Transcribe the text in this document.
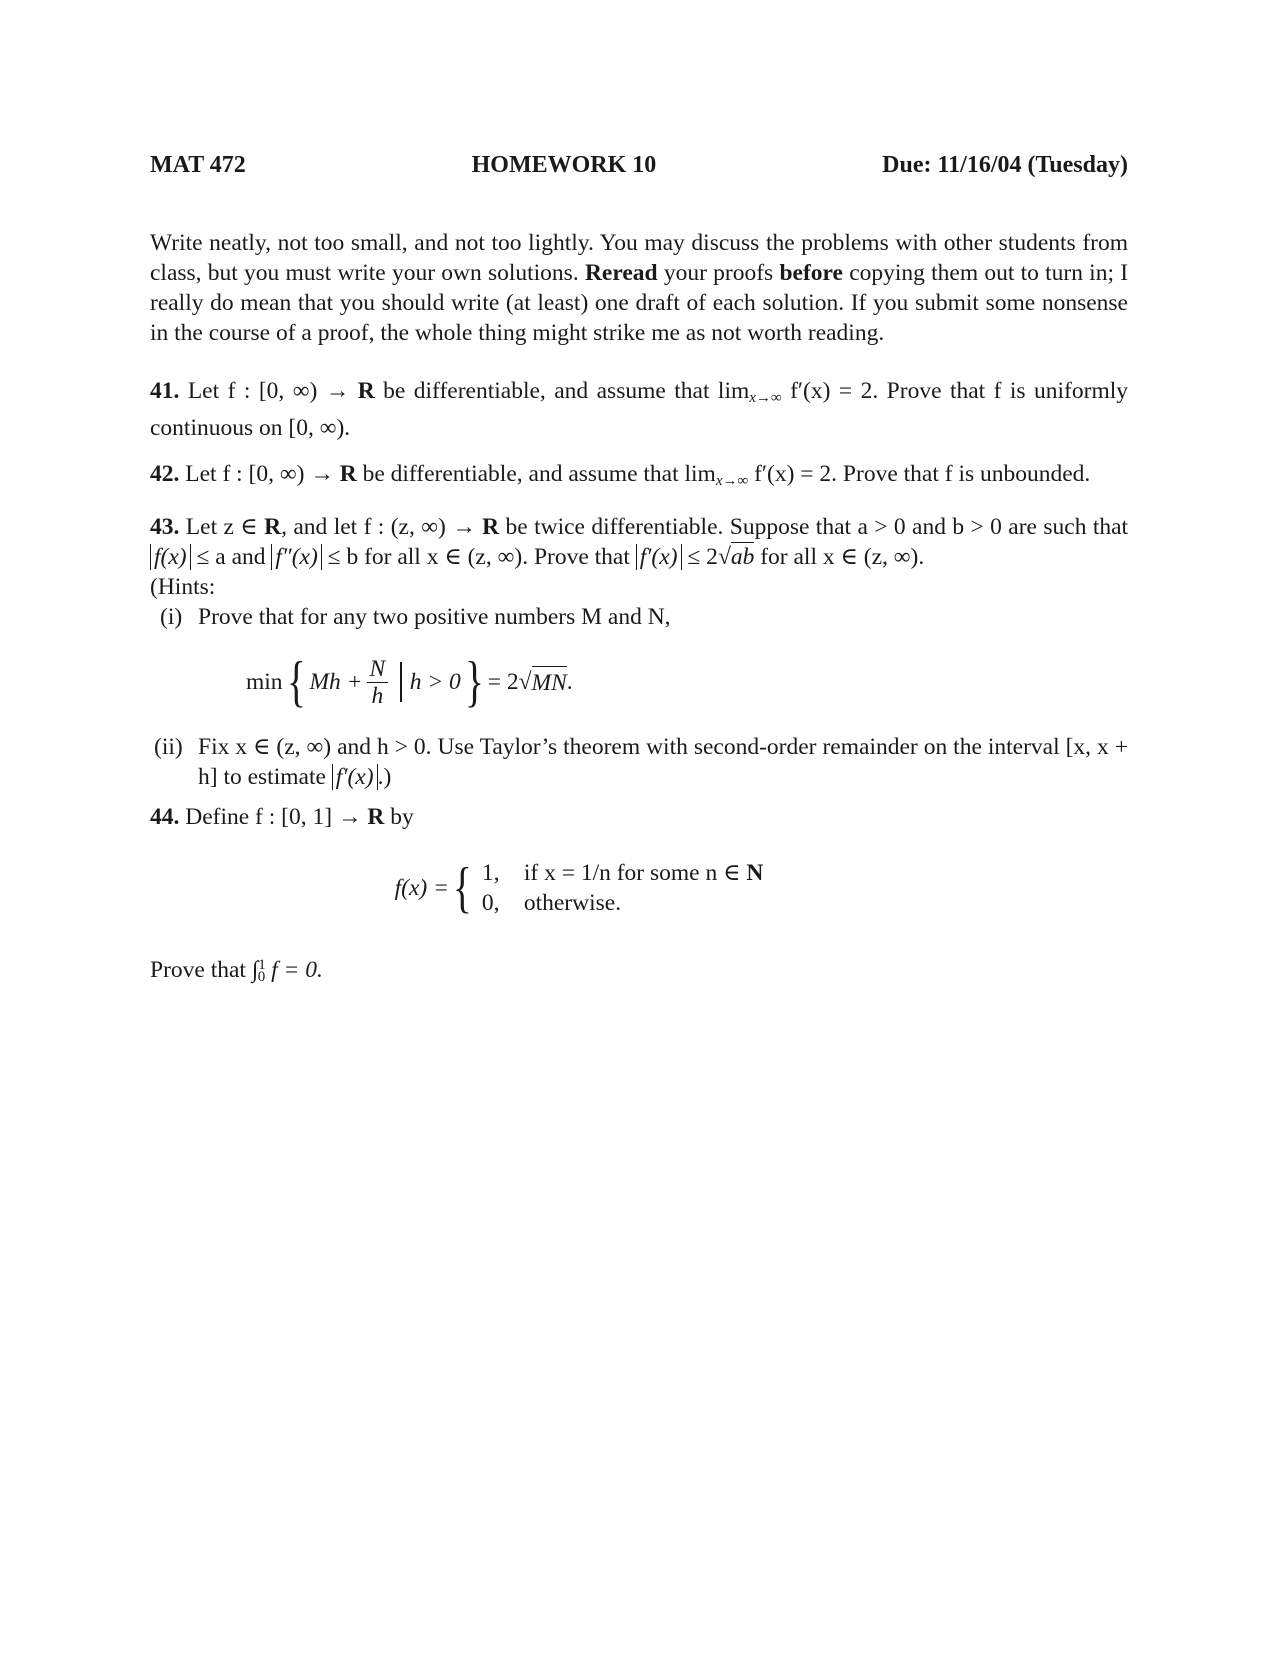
MAT 472	HOMEWORK 10	Due: 11/16/04 (Tuesday)

Write neatly, not too small, and not too lightly. You may discuss the problems with other students from class, but you must write your own solutions. Reread your proofs before copying them out to turn in; I really do mean that you should write (at least) one draft of each solution. If you submit some nonsense in the course of a proof, the whole thing might strike me as not worth reading.

41. Let f : [0, ∞) → R be differentiable, and assume that $\lim_{x\to\infty} f'(x) = 2$. Prove that f is uniformly continuous on [0, ∞).

42. Let f : [0, ∞) → R be differentiable, and assume that $\lim_{x\to\infty} f'(x) = 2$. Prove that f is unbounded.

43. Let z ∈ R, and let f : (z, ∞) → R be twice differentiable. Suppose that a > 0 and b > 0 are such that f(x) ≤ a and f″(x) ≤ b for all x ∈ (z, ∞). Prove that f′(x) ≤ 2√ab for all x ∈ (z, ∞).
(Hints:
(i) Prove that for any two positive numbers M and N,
min { $Mh + \frac{N}{h}$ h > 0 } = 2 √ MN .
(ii) Fix x ∈ (z, ∞) and h > 0. Use Taylor’s theorem with second-order remainder on the interval [x, x + h] to estimate f′(x) .)
44. Define f : [0, 1] → R by
f(x) = { 1,	if x = 1/n for some n ∈
N
0,	otherwise.
Prove that ∫$^1_0$ f = 0.
